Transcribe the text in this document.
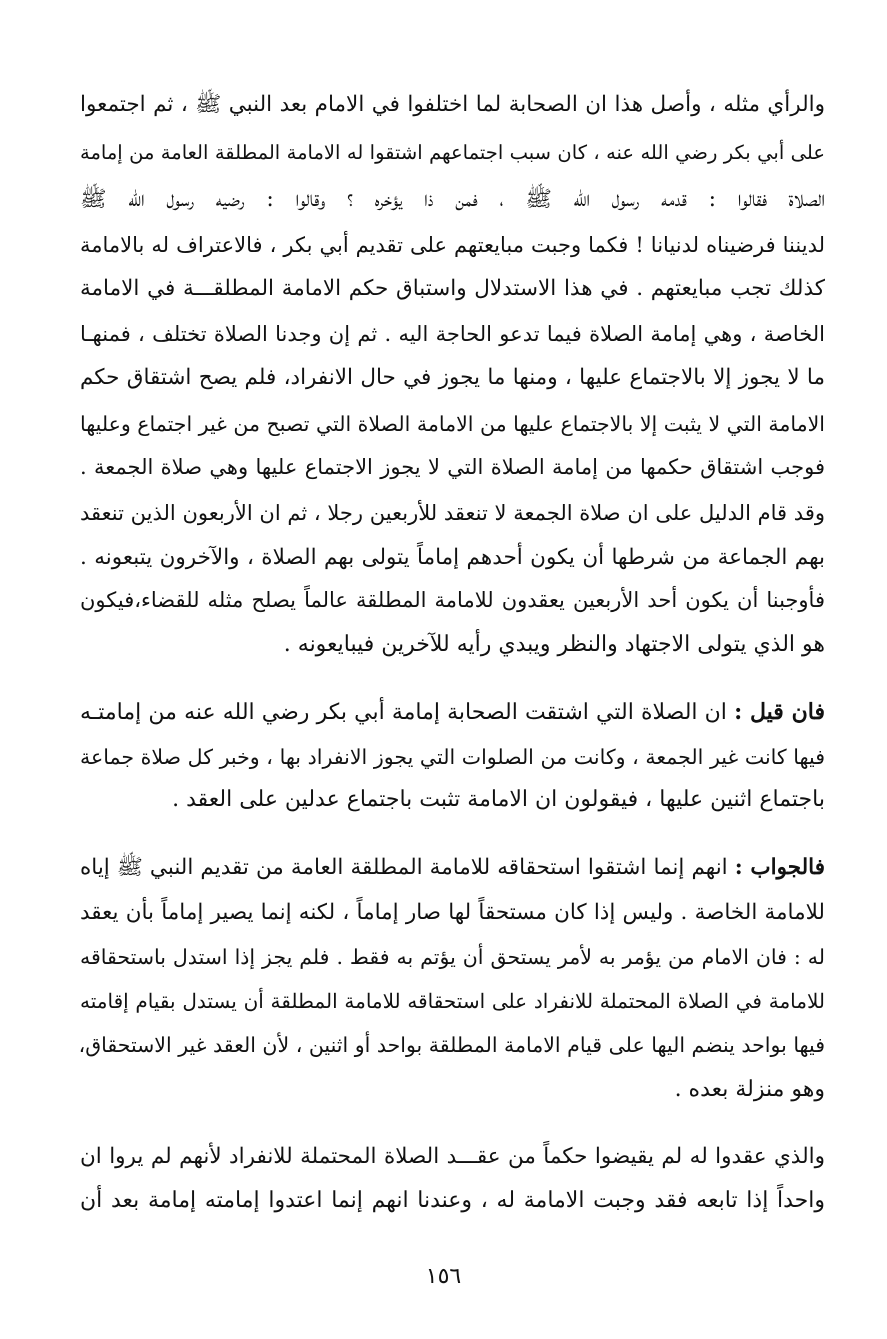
والرأي مثله ، وأصل هذا ان الصحابة لما اختلفوا في الامام بعد النبي ﷺ ، ثم اجتمعوا
على أبي بكر رضي الله عنه ، كان سبب اجتماعهم اشتقوا له الامامة المطلقة العامة من إمامة
الصلاة فقالوا : قدمه رسول الله ﷺ ، فمن ذا يؤخره ؟ وقالوا : رضيه رسول الله ﷺ
لديننا فرضيناه لدنيانا ! فكما وجبت مبايعتهم على تقديم أبي بكر ، فالاعتراف له بالامامة
كذلك تجب مبايعتهم . في هذا الاستدلال واستباق حكم الامامة المطلقـــة في الامامة
الخاصة ، وهي إمامة الصلاة فيما تدعو الحاجة اليه . ثم إن وجدنا الصلاة تختلف ، فمنهـا
ما لا يجوز إلا بالاجتماع عليها ، ومنها ما يجوز في حال الانفراد، فلم يصح اشتقاق حكم
الامامة التي لا يثبت إلا بالاجتماع عليها من الامامة الصلاة التي تصبح من غير اجتماع وعليها
فوجب اشتقاق حكمها من إمامة الصلاة التي لا يجوز الاجتماع عليها وهي صلاة الجمعة .
وقد قام الدليل على ان صلاة الجمعة لا تنعقد للأربعين رجلا ، ثم ان الأربعون الذين تنعقد
بهم الجماعة من شرطها أن يكون أحدهم إماماً يتولى بهم الصلاة ، والآخرون يتبعونه .
فأوجبنا أن يكون أحد الأربعين يعقدون للامامة المطلقة عالماً يصلح مثله للقضاء،فيكون
هو الذي يتولى الاجتهاد والنظر ويبدي رأيه للآخرين فيبايعونه .
فان قيل : ان الصلاة التي اشتقت الصحابة إمامة أبي بكر رضي الله عنه من إمامتـه
فيها كانت غير الجمعة ، وكانت من الصلوات التي يجوز الانفراد بها ، وخبر كل صلاة جماعة
باجتماع اثنين عليها ، فيقولون ان الامامة تثبت باجتماع عدلين على العقد .
فالجواب : انهم إنما اشتقوا استحقاقه للامامة المطلقة العامة من تقديم النبي ﷺ إياه
للامامة الخاصة . وليس إذا كان مستحقاً لها صار إماماً ، لكنه إنما يصير إماماً بأن يعقد
له : فان الامام من يؤمر به لأمر يستحق أن يؤتم به فقط . فلم يجز إذا استدل باستحقاقه
للامامة في الصلاة المحتملة للانفراد على استحقاقه للامامة المطلقة أن يستدل بقيام إقامته
فيها بواحد ينضم اليها على قيام الامامة المطلقة بواحد أو اثنين ، لأن العقد غير الاستحقاق،
وهو منزلة بعده .
والذي عقدوا له لم يقيضوا حكماً من عقـــد الصلاة المحتملة للانفراد لأنهم لم يروا ان
واحداً إذا تابعه فقد وجبت الامامة له ، وعندنا انهم إنما اعتدوا إمامته إمامة بعد أن
١٥٦
